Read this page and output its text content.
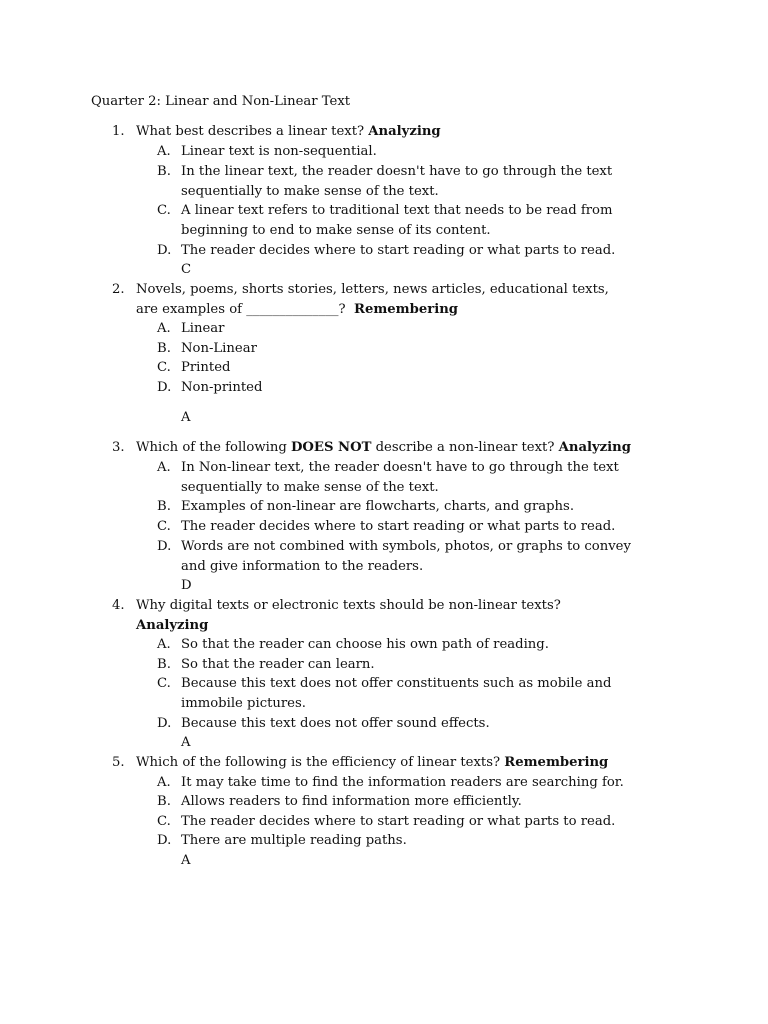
Quarter 2: Linear and Non-Linear Text
1. What best describes a linear text? Analyzing
A. Linear text is non-sequential.
B. In the linear text, the reader doesn't have to go through the text
sequentially to make sense of the text.
C. A linear text refers to traditional text that needs to be read from
beginning to end to make sense of its content.
D. The reader decides where to start reading or what parts to read.
C
2. Novels, poems, shorts stories, letters, news articles, educational texts,
are examples of ______________? Remembering
A. Linear
B. Non-Linear
C. Printed
D. Non-printed
A
3. Which of the following DOES NOT describe a non-linear text? Analyzing
A. In Non-linear text, the reader doesn't have to go through the text
sequentially to make sense of the text.
B. Examples of non-linear are flowcharts, charts, and graphs.
C. The reader decides where to start reading or what parts to read.
D. Words are not combined with symbols, photos, or graphs to convey
and give information to the readers.
D
4. Why digital texts or electronic texts should be non-linear texts?
Analyzing
A. So that the reader can choose his own path of reading.
B. So that the reader can learn.
C. Because this text does not offer constituents such as mobile and
immobile pictures.
D. Because this text does not offer sound effects.
A
5. Which of the following is the efficiency of linear texts? Remembering
A. It may take time to find the information readers are searching for.
B. Allows readers to find information more efficiently.
C. The reader decides where to start reading or what parts to read.
D. There are multiple reading paths.
A
